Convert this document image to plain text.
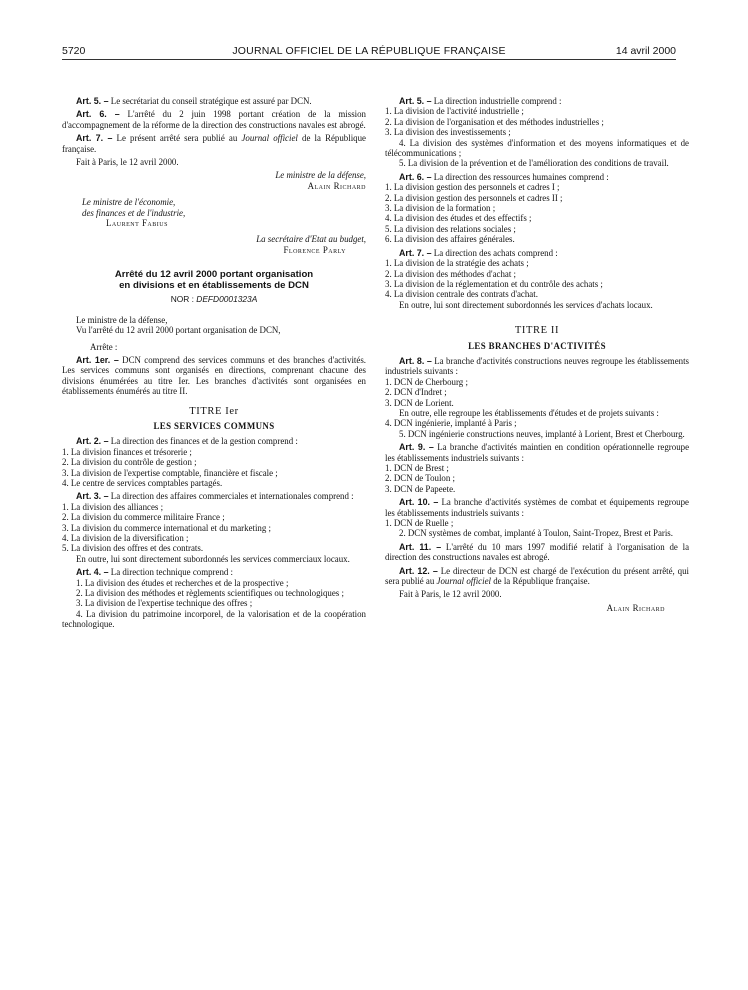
5720	JOURNAL OFFICIEL DE LA RÉPUBLIQUE FRANÇAISE	14 avril 2000

Art. 5. – Le secrétariat du conseil stratégique est assuré par DCN.

Art. 6. – L'arrêté du 2 juin 1998 portant création de la mission d'accompagnement de la réforme de la direction des constructions navales est abrogé.

Art. 7. – Le présent arrêté sera publié au Journal officiel de la République française.

Fait à Paris, le 12 avril 2000.

Le ministre de la défense,

Alain Richard

Le ministre de l'économie,

des finances et de l'industrie,

Laurent Fabius

La secrétaire d'Etat au budget,

Florence Parly

Arrêté du 12 avril 2000 portant organisation
en divisions et en établissements de DCN

NOR : DEFD0001323A

Le ministre de la défense,

Vu l'arrêté du 12 avril 2000 portant organisation de DCN,

Arrête :

Art. 1er. – DCN comprend des services communs et des branches d'activités. Les services communs sont organisés en directions, comprenant chacune des divisions énumérées au titre Ier. Les branches d'activités sont organisées en établissements énumérés au titre II.

TITRE Ier

LES SERVICES COMMUNS

Art. 2. – La direction des finances et de la gestion comprend :

1. La division finances et trésorerie ;

2. La division du contrôle de gestion ;

3. La division de l'expertise comptable, financière et fiscale ;

4. Le centre de services comptables partagés.

Art. 3. – La direction des affaires commerciales et internationales comprend :

1. La division des alliances ;

2. La division du commerce militaire France ;

3. La division du commerce international et du marketing ;

4. La division de la diversification ;

5. La division des offres et des contrats.

En outre, lui sont directement subordonnés les services commerciaux locaux.

Art. 4. – La direction technique comprend :

1. La division des études et recherches et de la prospective ;

2. La division des méthodes et règlements scientifiques ou technologiques ;

3. La division de l'expertise technique des offres ;

4. La division du patrimoine incorporel, de la valorisation et de la coopération technologique.

Art. 5. – La direction industrielle comprend :

1. La division de l'activité industrielle ;

2. La division de l'organisation et des méthodes industrielles ;

3. La division des investissements ;

4. La division des systèmes d'information et des moyens informatiques et de télécommunications ;

5. La division de la prévention et de l'amélioration des conditions de travail.

Art. 6. – La direction des ressources humaines comprend :

1. La division gestion des personnels et cadres I ;

2. La division gestion des personnels et cadres II ;

3. La division de la formation ;

4. La division des études et des effectifs ;

5. La division des relations sociales ;

6. La division des affaires générales.

Art. 7. – La direction des achats comprend :

1. La division de la stratégie des achats ;

2. La division des méthodes d'achat ;

3. La division de la réglementation et du contrôle des achats ;

4. La division centrale des contrats d'achat.

En outre, lui sont directement subordonnés les services d'achats locaux.

TITRE II

LES BRANCHES D'ACTIVITÉS

Art. 8. – La branche d'activités constructions neuves regroupe les établissements industriels suivants :

1. DCN de Cherbourg ;

2. DCN d'Indret ;

3. DCN de Lorient.

En outre, elle regroupe les établissements d'études et de projets suivants :

4. DCN ingénierie, implanté à Paris ;

5. DCN ingénierie constructions neuves, implanté à Lorient, Brest et Cherbourg.

Art. 9. – La branche d'activités maintien en condition opérationnelle regroupe les établissements industriels suivants :

1. DCN de Brest ;

2. DCN de Toulon ;

3. DCN de Papeete.

Art. 10. – La branche d'activités systèmes de combat et équipements regroupe les établissements industriels suivants :

1. DCN de Ruelle ;

2. DCN systèmes de combat, implanté à Toulon, Saint-Tropez, Brest et Paris.

Art. 11. – L'arrêté du 10 mars 1997 modifié relatif à l'organisation de la direction des constructions navales est abrogé.

Art. 12. – Le directeur de DCN est chargé de l'exécution du présent arrêté, qui sera publié au Journal officiel de la République française.

Fait à Paris, le 12 avril 2000.

Alain Richard
